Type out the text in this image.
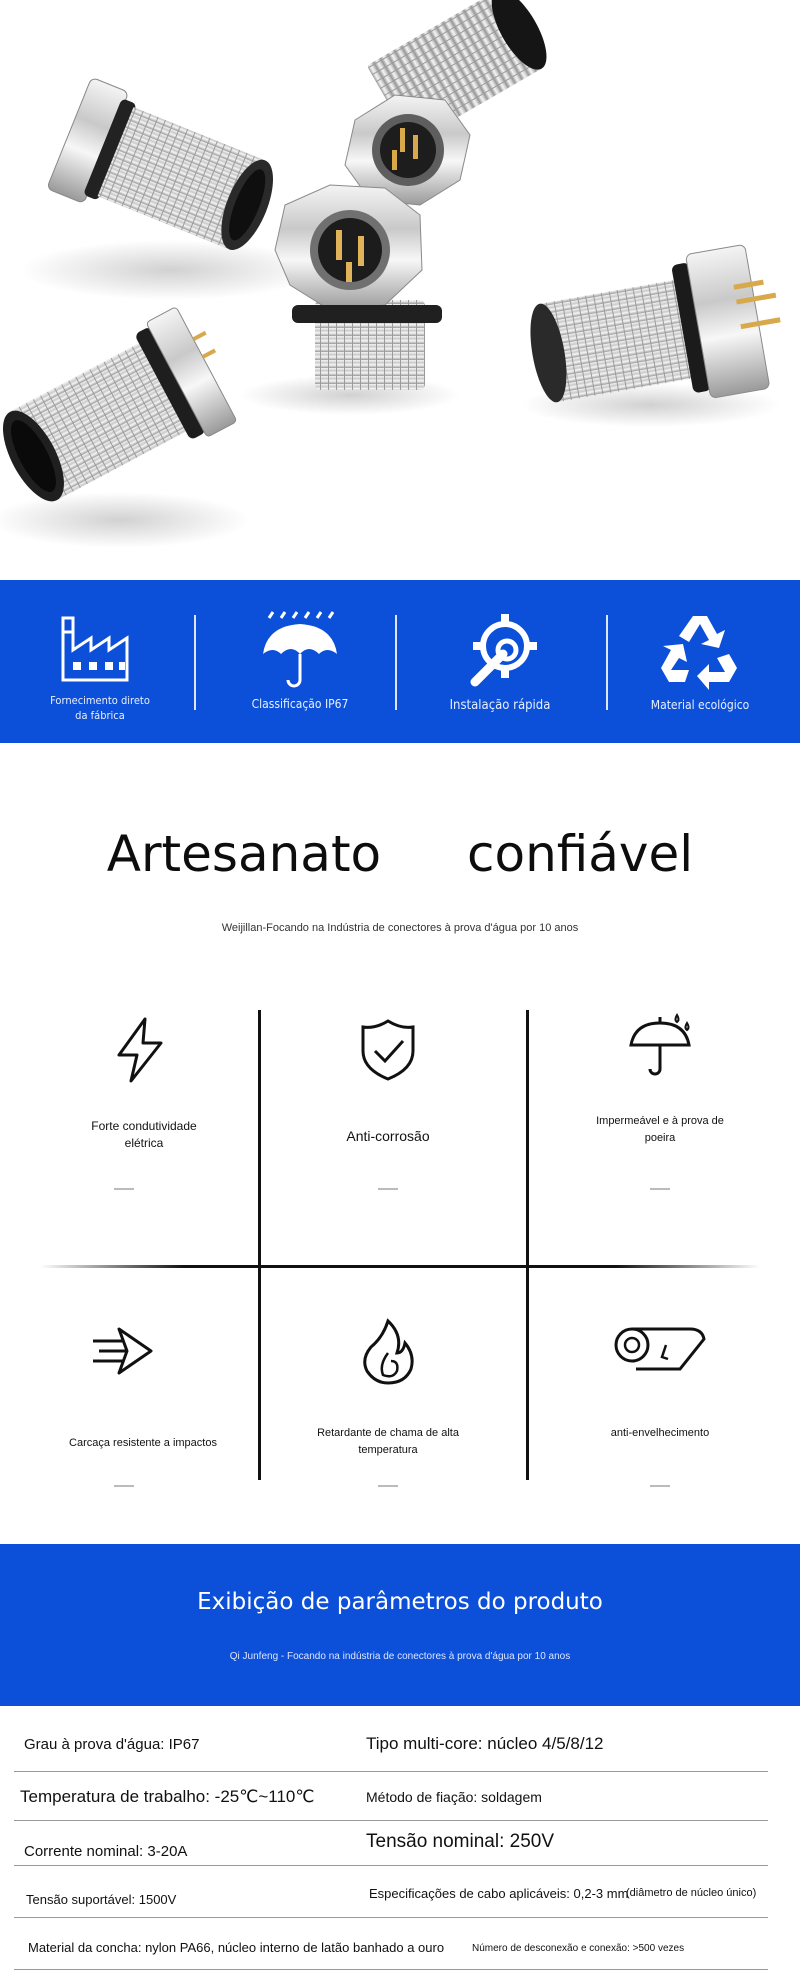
Fornecimento direto
da fábrica
Classificação IP67	Instalação rápida	Material ecológico
Artesanato confiável
Weijillan-Focando na Indústria de conectores à prova d'água por 10 anos
Forte condutividade
elétrica	Anti-corrosão
Impermeável e à prova de
poeira
Carcaça resistente a impactos
Retardante de chama de alta
temperatura
anti-envelhecimento
Exibição de parâmetros do produto
Qi Junfeng - Focando na indústria de conectores à prova d'água por 10 anos
Grau à prova d'água: IP67	Tipo multi-core: núcleo 4/5/8/12
Temperatura de trabalho: -25℃~110℃	Método de fiação: soldagem
Corrente nominal: 3-20A	Tensão nominal: 250V
Tensão suportável: 1500V	Especificações de cabo aplicáveis: 0,2-3 mm
(diâmetro de núcleo único)
Material da concha: nylon PA66, núcleo interno de latão banhado a ouro	Número de desconexão e conexão: >500 vezes
